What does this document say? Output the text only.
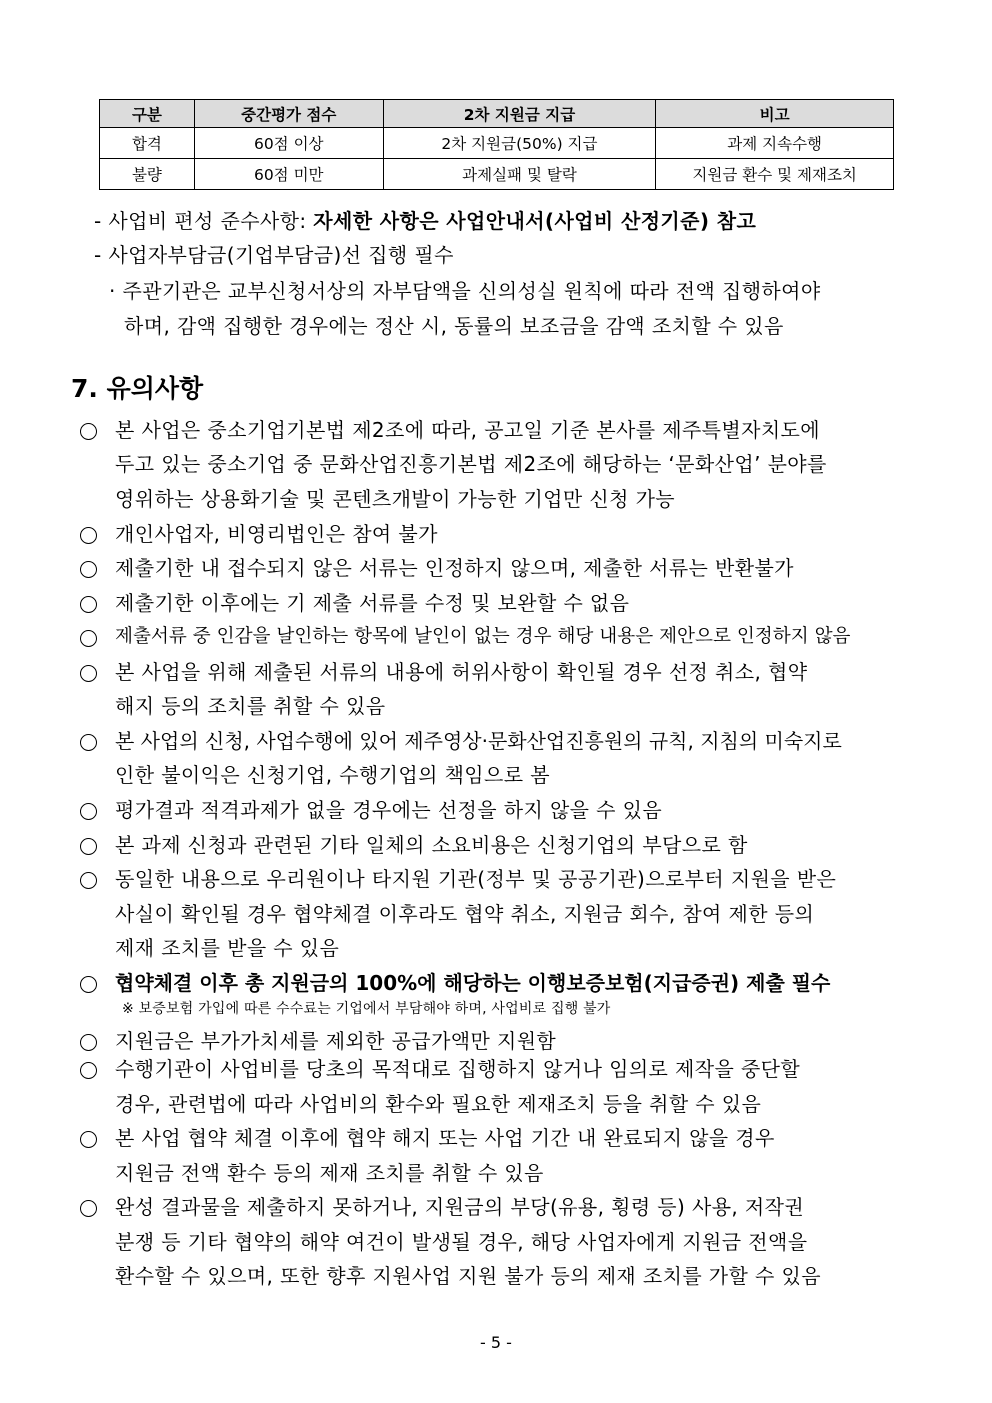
구분	중간평가 점수	2차 지원금 지급	비고
합격	60점 이상	2차 지원금(50%) 지급	과제 지속수행
불량	60점 미만	과제실패 및 탈락	지원금 환수 및 제재조치
- 사업비 편성 준수사항: 자세한 사항은 사업안내서(사업비 산정기준) 참고
- 사업자부담금(기업부담금)선 집행 필수
· 주관기관은 교부신청서상의 자부담액을 신의성실 원칙에 따라 전액 집행하여야
하며, 감액 집행한 경우에는 정산 시, 동률의 보조금을 감액 조치할 수 있음
7. 유의사항
본 사업은 중소기업기본법 제2조에 따라, 공고일 기준 본사를 제주특별자치도에
두고 있는 중소기업 중 문화산업진흥기본법 제2조에 해당하는 ‘문화산업’ 분야를
영위하는 상용화기술 및 콘텐츠개발이 가능한 기업만 신청 가능
개인사업자, 비영리법인은 참여 불가
제출기한 내 접수되지 않은 서류는 인정하지 않으며, 제출한 서류는 반환불가
제출기한 이후에는 기 제출 서류를 수정 및 보완할 수 없음
제출서류 중 인감을 날인하는 항목에 날인이 없는 경우 해당 내용은 제안으로 인정하지 않음
본 사업을 위해 제출된 서류의 내용에 허위사항이 확인될 경우 선정 취소, 협약
해지 등의 조치를 취할 수 있음
본 사업의 신청, 사업수행에 있어 제주영상·문화산업진흥원의 규칙, 지침의 미숙지로
인한 불이익은 신청기업, 수행기업의 책임으로 봄
평가결과 적격과제가 없을 경우에는 선정을 하지 않을 수 있음
본 과제 신청과 관련된 기타 일체의 소요비용은 신청기업의 부담으로 함
동일한 내용으로 우리원이나 타지원 기관(정부 및 공공기관)으로부터 지원을 받은
사실이 확인될 경우 협약체결 이후라도 협약 취소, 지원금 회수, 참여 제한 등의
제재 조치를 받을 수 있음
협약체결 이후 총 지원금의 100%에 해당하는 이행보증보험(지급증권) 제출 필수
※ 보증보험 가입에 따른 수수료는 기업에서 부담해야 하며, 사업비로 집행 불가
지원금은 부가가치세를 제외한 공급가액만 지원함
수행기관이 사업비를 당초의 목적대로 집행하지 않거나 임의로 제작을 중단할
경우, 관련법에 따라 사업비의 환수와 필요한 제재조치 등을 취할 수 있음
본 사업 협약 체결 이후에 협약 해지 또는 사업 기간 내 완료되지 않을 경우
지원금 전액 환수 등의 제재 조치를 취할 수 있음
완성 결과물을 제출하지 못하거나, 지원금의 부당(유용, 횡령 등) 사용, 저작권
분쟁 등 기타 협약의 해약 여건이 발생될 경우, 해당 사업자에게 지원금 전액을
환수할 수 있으며, 또한 향후 지원사업 지원 불가 등의 제재 조치를 가할 수 있음
- 5 -
